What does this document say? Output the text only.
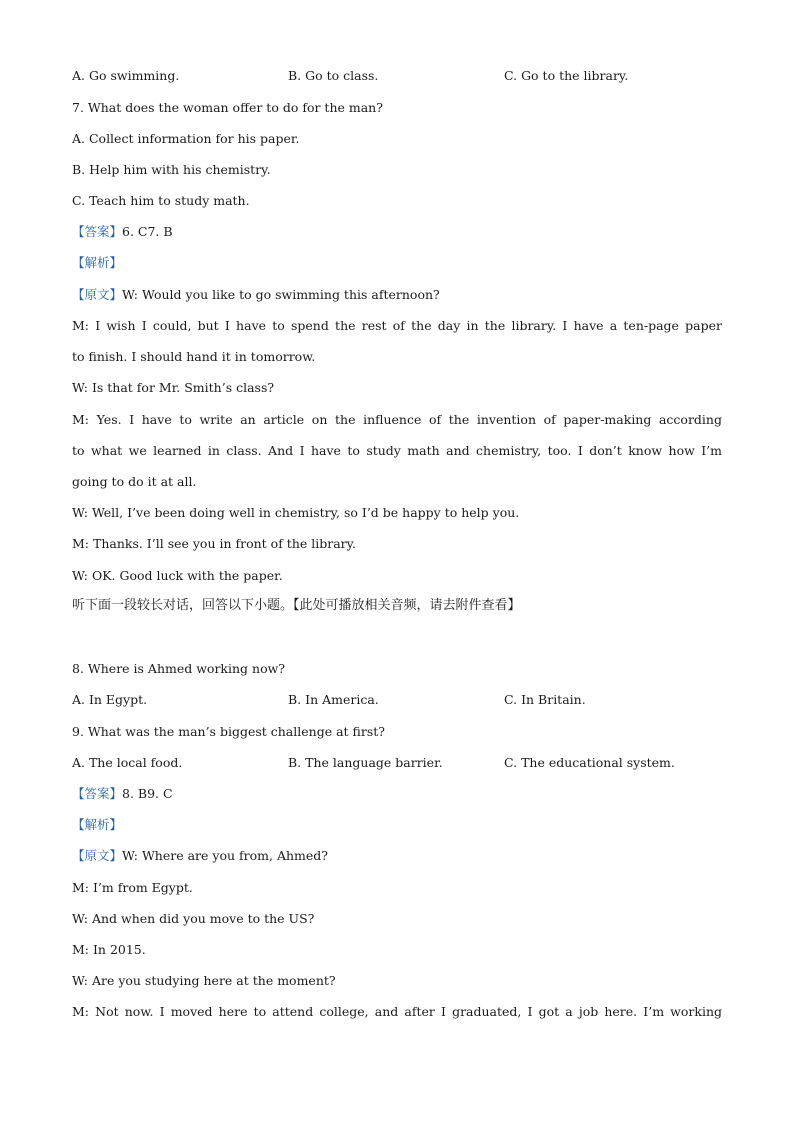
A. Go swimming.	B. Go to class.	C. Go to the library.
7. What does the woman offer to do for the man?
A. Collect information for his paper.
B. Help him with his chemistry.
C. Teach him to study math.
【答案】6. C7. B
【解析】
【原文】W: Would you like to go swimming this afternoon?
M: I wish I could, but I have to spend the rest of the day in the library. I have a ten-page paper
to finish. I should hand it in tomorrow.
W: Is that for Mr. Smith’s class?
M: Yes. I have to write an article on the influence of the invention of paper-making according
to what we learned in class. And I have to study math and chemistry, too. I don’t know how I’m
going to do it at all.
W: Well, I’ve been doing well in chemistry, so I’d be happy to help you.
M: Thanks. I’ll see you in front of the library.
W: OK. Good luck with the paper.
听下面一段较长对话，回答以下小题。【此处可播放相关音频，请去附件查看】
8. Where is Ahmed working now?
A. In Egypt.	B. In America.	C. In Britain.
9. What was the man’s biggest challenge at first?
A. The local food.	B. The language barrier.	C. The educational system.
【答案】8. B9. C
【解析】
【原文】W: Where are you from, Ahmed?
M: I’m from Egypt.
W: And when did you move to the US?
M: In 2015.
W: Are you studying here at the moment?
M: Not now. I moved here to attend college, and after I graduated, I got a job here. I’m working
